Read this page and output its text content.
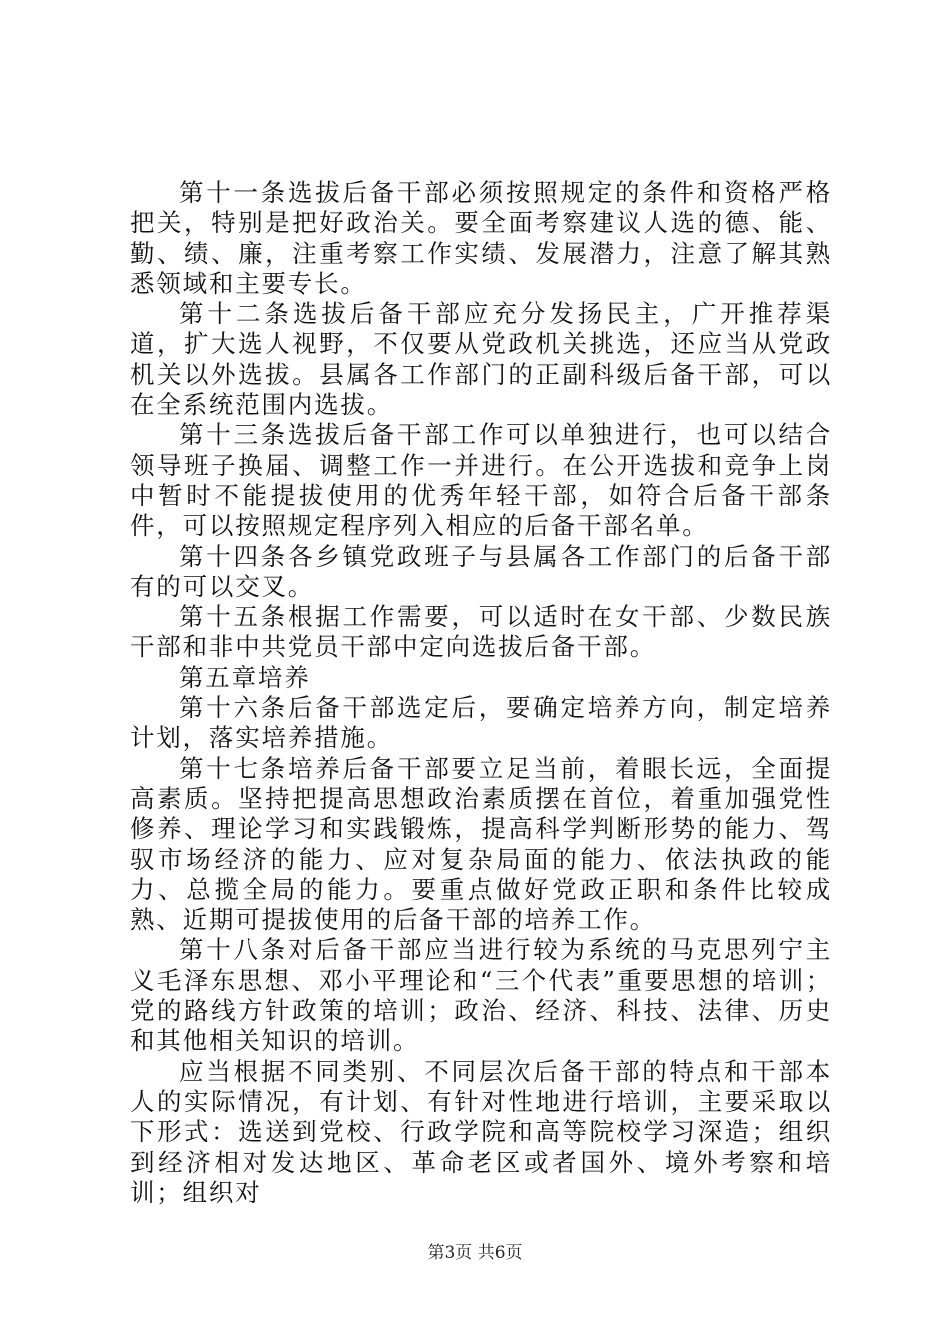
第十一条选拔后备干部必须按照规定的条件和资格严格把关，特别是把好政治关。要全面考察建议人选的德、能、勤、绩、廉，注重考察工作实绩、发展潜力，注意了解其熟悉领域和主要专长。

第十二条选拔后备干部应充分发扬民主，广开推荐渠道，扩大选人视野，不仅要从党政机关挑选，还应当从党政机关以外选拔。县属各工作部门的正副科级后备干部，可以在全系统范围内选拔。

第十三条选拔后备干部工作可以单独进行，也可以结合领导班子换届、调整工作一并进行。在公开选拔和竞争上岗中暂时不能提拔使用的优秀年轻干部，如符合后备干部条件，可以按照规定程序列入相应的后备干部名单。

第十四条各乡镇党政班子与县属各工作部门的后备干部有的可以交叉。

第十五条根据工作需要，可以适时在女干部、少数民族干部和非中共党员干部中定向选拔后备干部。

第五章培养

第十六条后备干部选定后，要确定培养方向，制定培养计划，落实培养措施。

第十七条培养后备干部要立足当前，着眼长远，全面提高素质。坚持把提高思想政治素质摆在首位，着重加强党性修养、理论学习和实践锻炼，提高科学判断形势的能力、驾驭市场经济的能力、应对复杂局面的能力、依法执政的能力、总揽全局的能力。要重点做好党政正职和条件比较成熟、近期可提拔使用的后备干部的培养工作。

第十八条对后备干部应当进行较为系统的马克思列宁主义毛泽东思想、邓小平理论和“三个代表”重要思想的培训；党的路线方针政策的培训；政治、经济、科技、法律、历史和其他相关知识的培训。

应当根据不同类别、不同层次后备干部的特点和干部本人的实际情况，有计划、有针对性地进行培训，主要采取以下形式：选送到党校、行政学院和高等院校学习深造；组织到经济相对发达地区、革命老区或者国外、境外考察和培训；组织对

第3页 共6页
